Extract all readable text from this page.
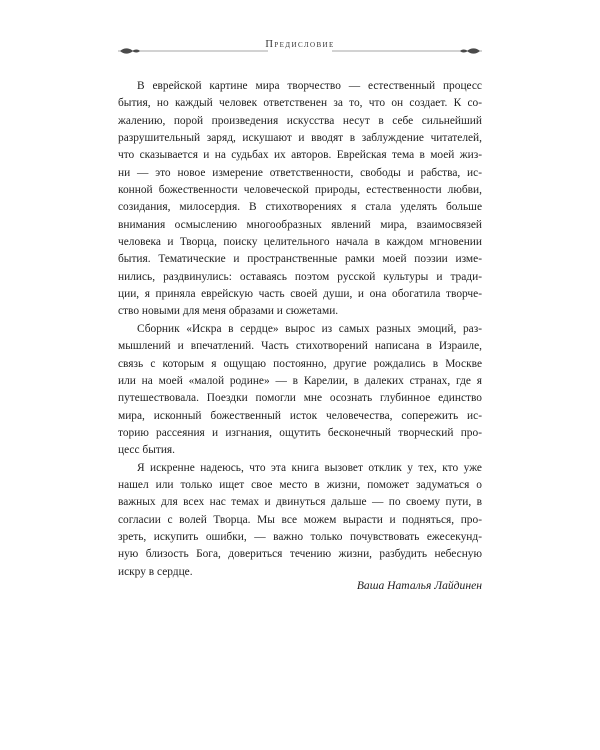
Предисловие

В еврейской картине мира творчество — естественный процесс
бытия, но каждый человек ответственен за то, что он создает. К со-
жалению, порой произведения искусства несут в себе сильнейший
разрушительный заряд, искушают и вводят в заблуждение читателей,
что сказывается и на судьбах их авторов. Еврейская тема в моей жиз-
ни — это новое измерение ответственности, свободы и рабства, ис-
конной божественности человеческой природы, естественности любви,
созидания, милосердия. В стихотворениях я стала уделять больше
внимания осмыслению многообразных явлений мира, взаимосвязей
человека и Творца, поиску целительного начала в каждом мгновении
бытия. Тематические и пространственные рамки моей поэзии изме-
нились, раздвинулись: оставаясь поэтом русской культуры и тради-
ции, я приняла еврейскую часть своей души, и она обогатила творче-
ство новыми для меня образами и сюжетами.

Сборник «Искра в сердце» вырос из самых разных эмоций, раз-
мышлений и впечатлений. Часть стихотворений написана в Израиле,
связь с которым я ощущаю постоянно, другие рождались в Москве
или на моей «малой родине» — в Карелии, в далеких странах, где я
путешествовала. Поездки помогли мне осознать глубинное единство
мира, исконный божественный исток человечества, сопережить ис-
торию рассеяния и изгнания, ощутить бесконечный творческий про-
цесс бытия.

Я искренне надеюсь, что эта книга вызовет отклик у тех, кто уже
нашел или только ищет свое место в жизни, поможет задуматься о
важных для всех нас темах и двинуться дальше — по своему пути, в
согласии с волей Творца. Мы все можем вырасти и подняться, про-
зреть, искупить ошибки, — важно только почувствовать ежесекунд-
ную близость Бога, довериться течению жизни, разбудить небесную
искру в сердце.

Ваша Наталья Лайдинен
